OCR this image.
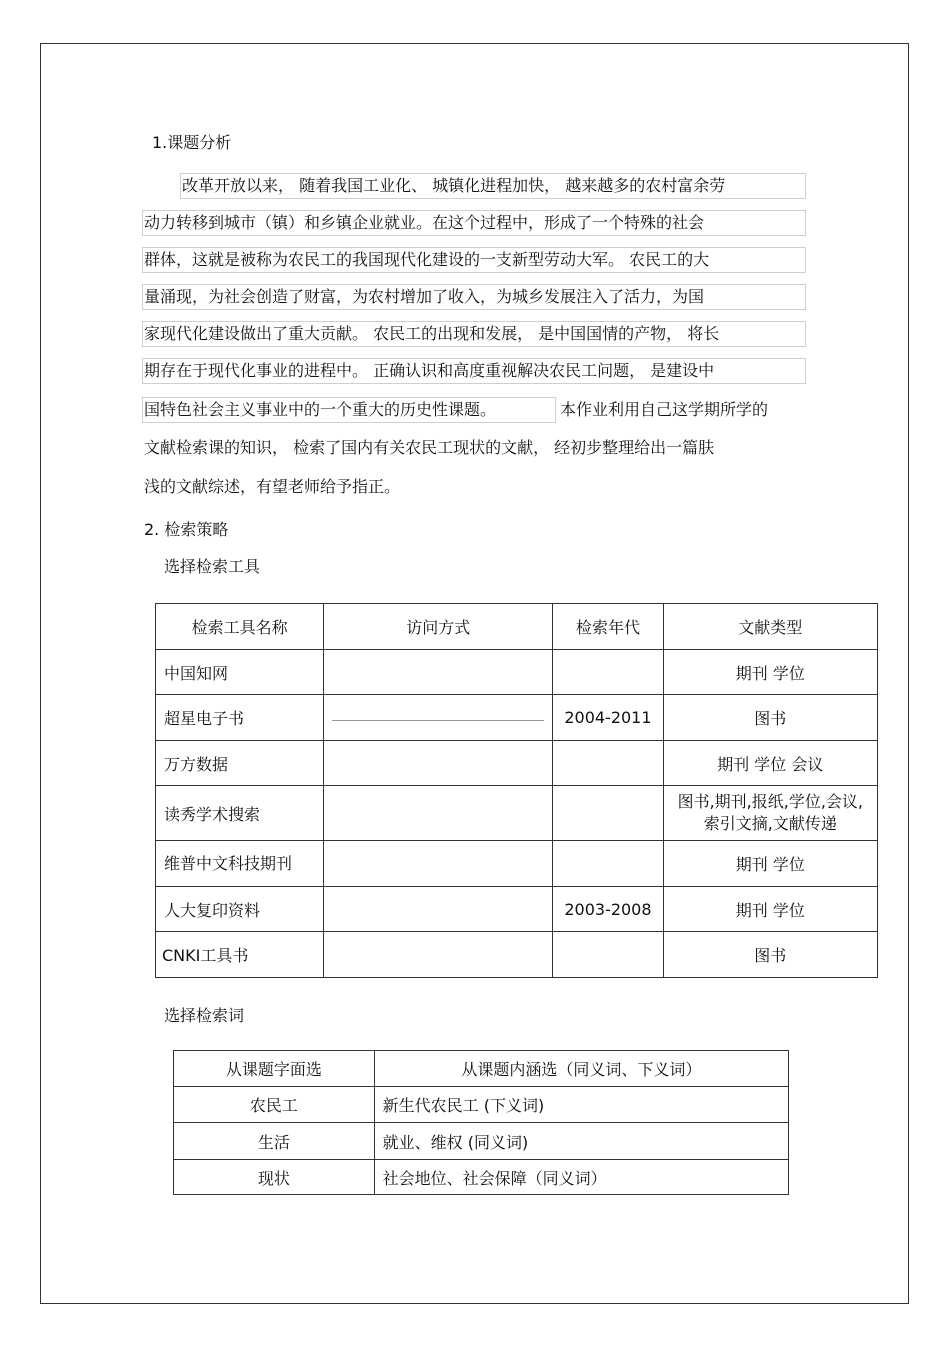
1.课题分析
改革开放以来， 随着我国工业化、 城镇化进程加快， 越来越多的农村富余劳
动力转移到城市（镇）和乡镇企业就业。在这个过程中，形成了一个特殊的社会
群体，这就是被称为农民工的我国现代化建设的一支新型劳动大军。 农民工的大
量涌现，为社会创造了财富，为农村增加了收入，为城乡发展注入了活力，为国
家现代化建设做出了重大贡献。 农民工的出现和发展， 是中国国情的产物， 将长
期存在于现代化事业的进程中。 正确认识和高度重视解决农民工问题， 是建设中
国特色社会主义事业中的一个重大的历史性课题。	本作业利用自己这学期所学的
文献检索课的知识， 检索了国内有关农民工现状的文献， 经初步整理给出一篇肤
浅的文献综述，有望老师给予指正。
2. 检索策略
选择检索工具
检索工具名称	访问方式	检索年代	文献类型
中国知网			期刊 学位
超星电子书		2004-2011	图书
万方数据			期刊 学位 会议
读秀学术搜索			图书,期刊,报纸,学位,会议,索引文摘,文献传递
维普中文科技期刊			期刊 学位
人大复印资料		2003-2008	期刊 学位
CNKI工具书			图书
选择检索词
从课题字面选	从课题内涵选（同义词、下义词）
农民工	新生代农民工 (下义词)
生活	就业、维权 (同义词)
现状	社会地位、社会保障（同义词）
